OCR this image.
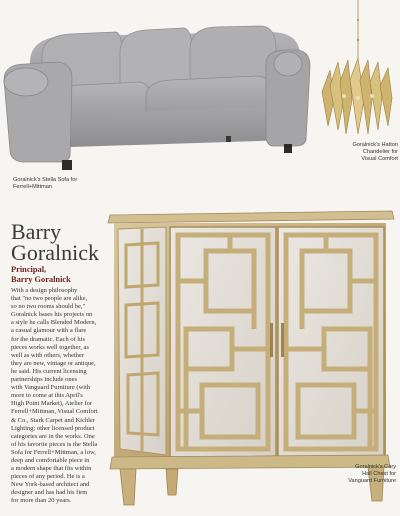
Goralnick's Stella Sofa for
Ferrell+Mittman
Goralnick's Hatton
Chandelier for
Visual Comfort
Goralnick's Cary
Hall Chest for
Vanguard Furniture
Barry
Goralnick
Principal,
Barry Goralnick

With a design philosophy
that "no two people are alike,
so no two rooms should be,"
Goralnick bases his projects on
a style he calls Blended Modern,
a casual glamour with a flare
for the dramatic. Each of his
pieces works well together, as
well as with others, whether
they are new, vintage or antique,
he said. His current licensing
partnerships include ones
with Vanguard Furniture (with
more to come at this April's
High Point Market), Atelier for
Ferrell+Mittman, Visual Comfort
& Co., Stark Carpet and Kichler
Lighting; other licensed product
categories are in the works. One
of his favorite pieces is the Stella
Sofa for Ferrell+Mittman, a low,
deep and comfortable piece in
a modern shape that fits within
pieces of any period. He is a
New York-based architect and
designer and has had his firm
for more than 20 years.
